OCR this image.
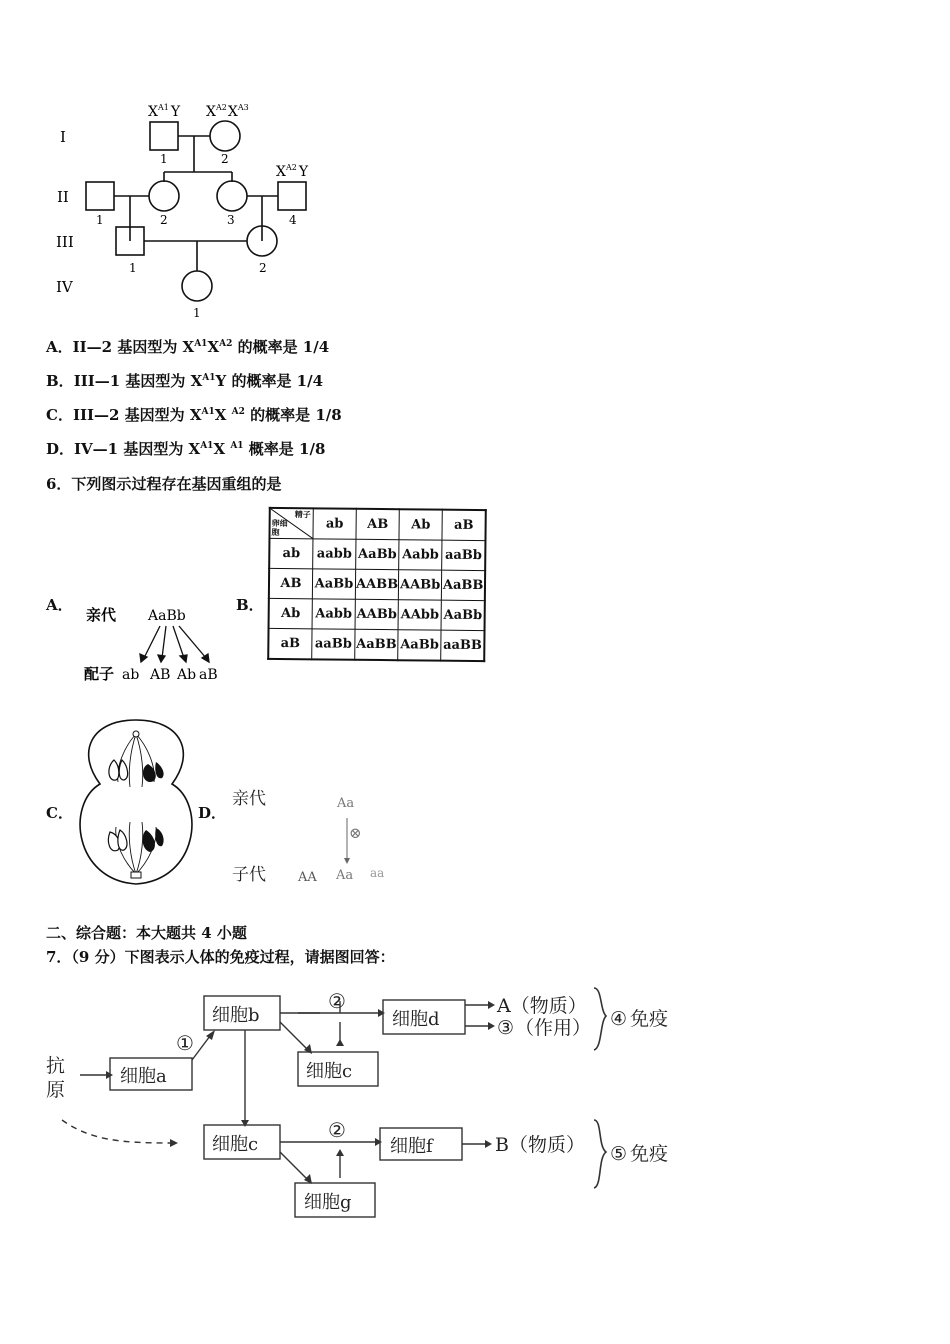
I
II
III
IV
1	2
1	2	3	4
1	2
1
$X^{A1}$ Y $X^{A2}X^{A3}$
$X^{A2}$ Y
A．II—2 基因型为 $X^{A1}X^{A2}$ 的概率是 1/4
B．III—1 基因型为 $X^{A1}Y$ 的概率是 1/4
C．III—2 基因型为 $X^{A1}X$ $^{A2}$ 的概率是 1/8
D．IV—1 基因型为 $X^{A1}X$ $^{A1}$ 概率是 1/8
6．下列图示过程存在基因重组的是
A．
亲代 AaBb
配子 ab AB Ab aB
B．
精子
卵细胞	ab	AB	Ab	aB
ab	aabb	AaBb	Aabb	aaBb
AB	AaBb	AABB	AABb	AaBB
Ab	Aabb	AABb	AAbb	AaBb
aB	aaBb	AaBB	AaBb	aaBB
C．	D．
亲代	Aa
⊗
子代 AA Aa aa
二、综合题：本大题共 4 小题
7．（9 分）下图表示人体的免疫过程，请据图回答：
细胞b
细胞a	细胞c
细胞d
细胞c	细胞f
细胞g
抗原
①
②
②
A（物质）
③ （作用）
B（物质）
④ 免疫
⑤ 免疫
